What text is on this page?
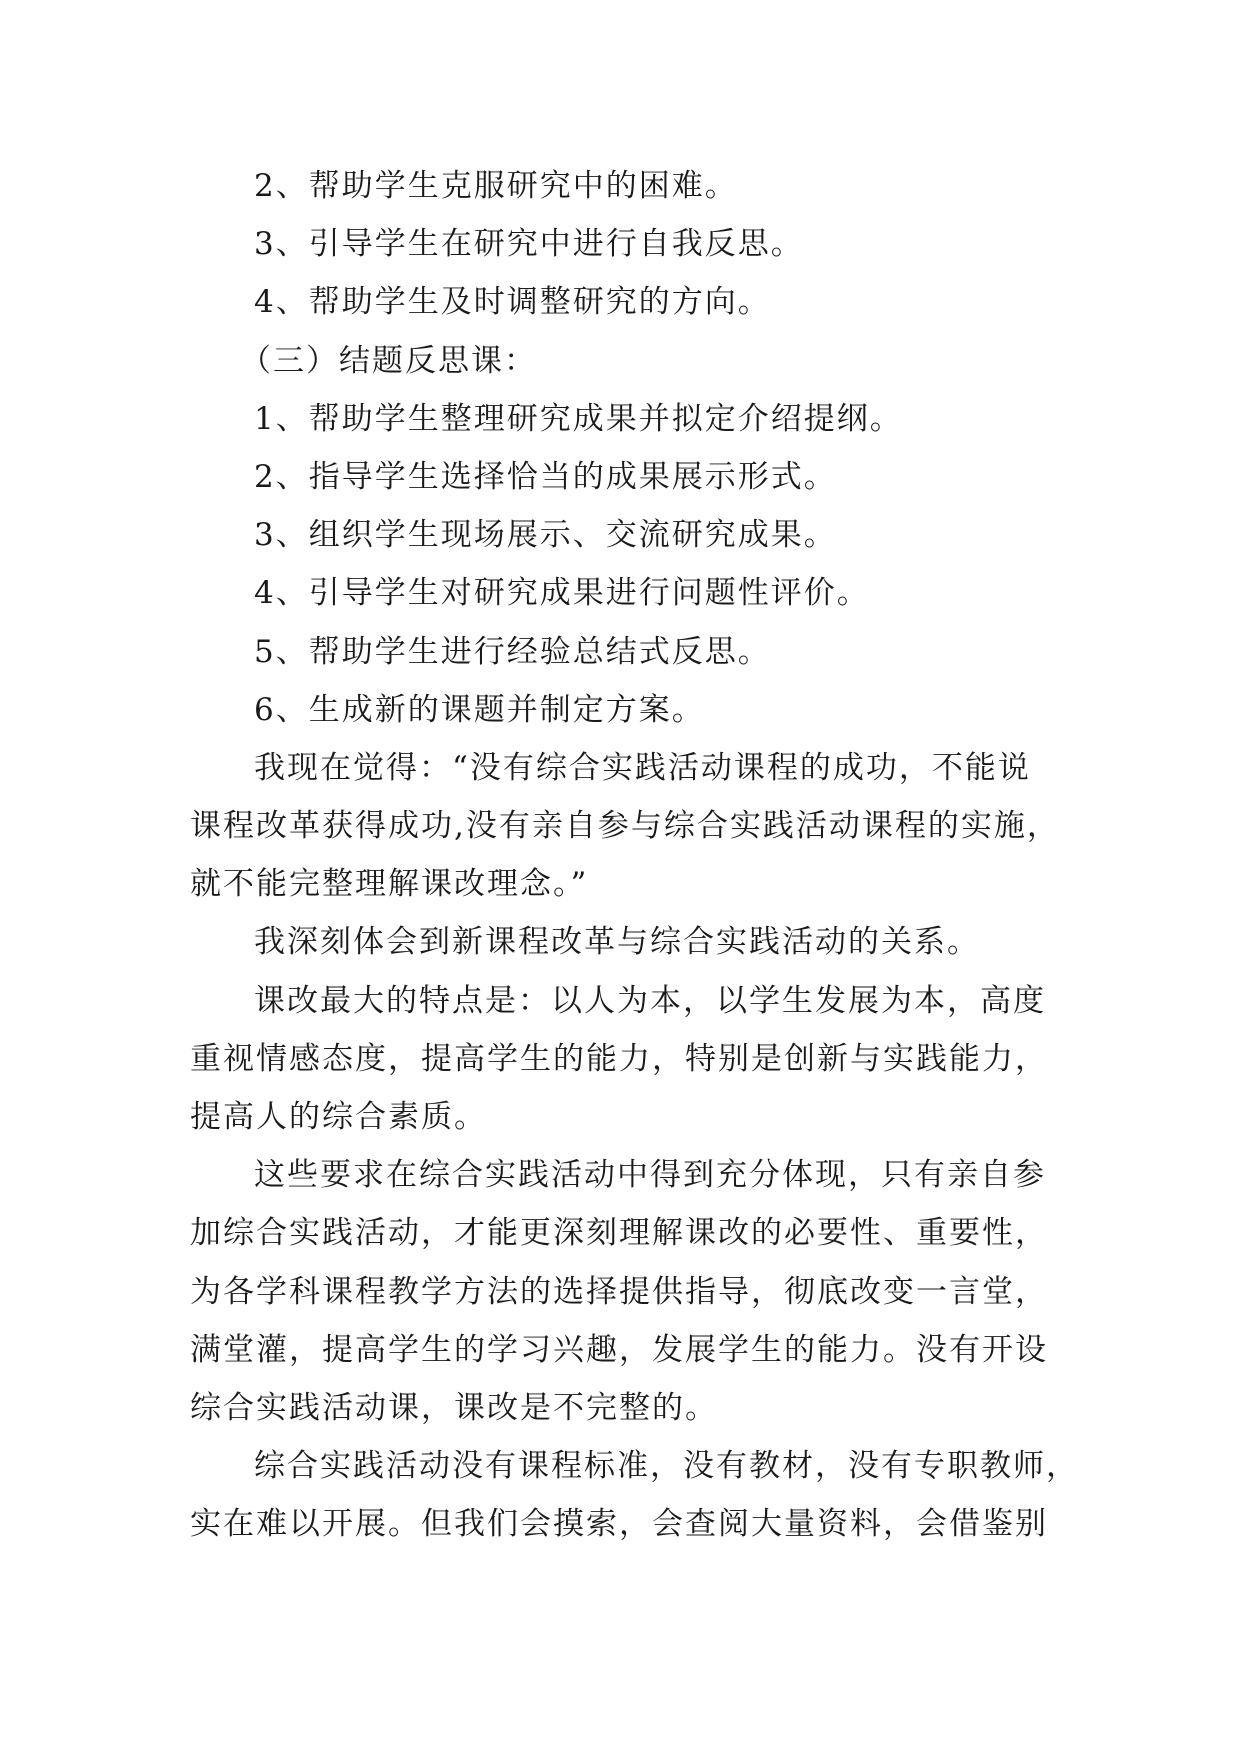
2、帮助学生克服研究中的困难。

3、引导学生在研究中进行自我反思。

4、帮助学生及时调整研究的方向。

（三）结题反思课：

1、帮助学生整理研究成果并拟定介绍提纲。

2、指导学生选择恰当的成果展示形式。

3、组织学生现场展示、交流研究成果。

4、引导学生对研究成果进行问题性评价。

5、帮助学生进行经验总结式反思。

6、生成新的课题并制定方案。

我现在觉得：“没有综合实践活动课程的成功，不能说

课程改革获得成功,没有亲自参与综合实践活动课程的实施，

就不能完整理解课改理念。”

我深刻体会到新课程改革与综合实践活动的关系。

课改最大的特点是：以人为本，以学生发展为本，高度

重视情感态度，提高学生的能力，特别是创新与实践能力，

提高人的综合素质。

这些要求在综合实践活动中得到充分体现，只有亲自参

加综合实践活动，才能更深刻理解课改的必要性、重要性，

为各学科课程教学方法的选择提供指导，彻底改变一言堂，

满堂灌，提高学生的学习兴趣，发展学生的能力。没有开设

综合实践活动课，课改是不完整的。

综合实践活动没有课程标准，没有教材，没有专职教师，

实在难以开展。但我们会摸索，会查阅大量资料，会借鉴别
